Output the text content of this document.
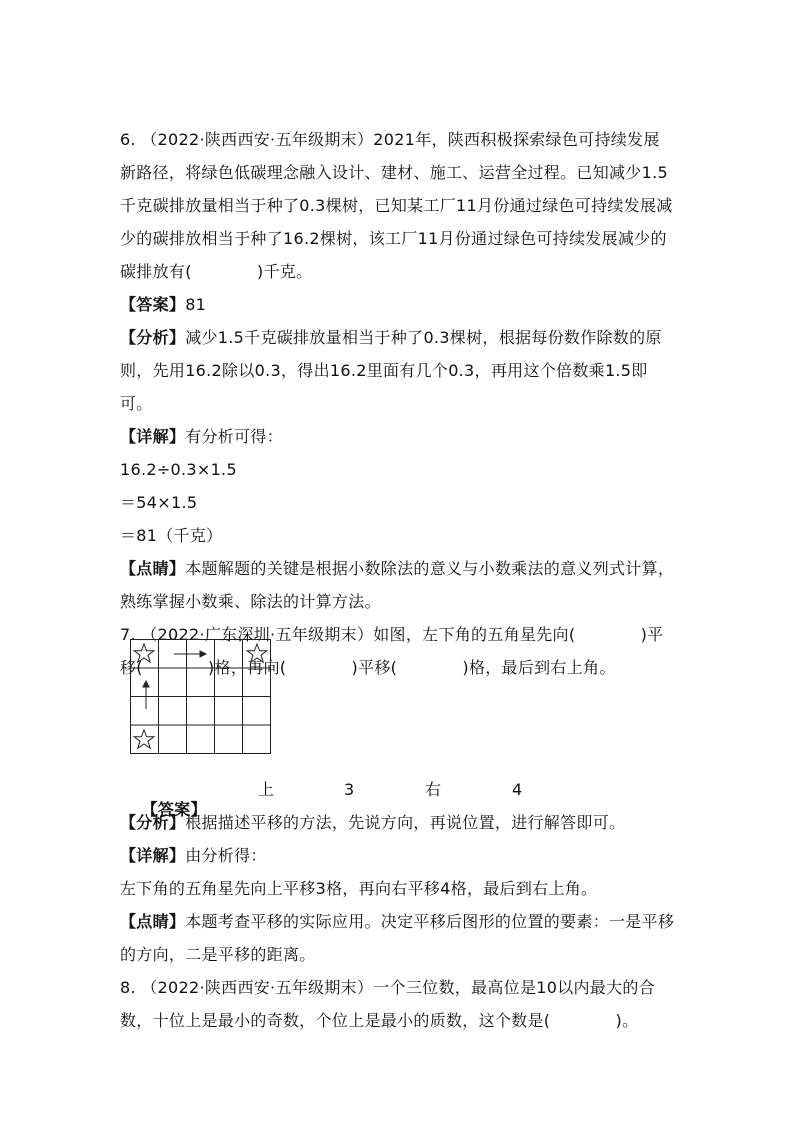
6. （2022·陕西西安·五年级期末）2021年，陕西积极探索绿色可持续发展
新路径，将绿色低碳理念融入设计、建材、施工、运营全过程。已知减少1.5
千克碳排放量相当于种了0.3棵树，已知某工厂11月份通过绿色可持续发展减
少的碳排放相当于种了16.2棵树，该工厂11月份通过绿色可持续发展减少的
碳排放有(　　　　)千克。
【答案】81
【分析】减少1.5千克碳排放量相当于种了0.3棵树，根据每份数作除数的原
则，先用16.2除以0.3，得出16.2里面有几个0.3，再用这个倍数乘1.5即
可。
【详解】有分析可得：
16.2÷0.3×1.5
＝54×1.5
＝81（千克）
【点睛】本题解题的关键是根据小数除法的意义与小数乘法的意义列式计算，
熟练掌握小数乘、除法的计算方法。
7. （2022·广东深圳·五年级期末）如图，左下角的五角星先向(　　　　)平
移(　　　　)格，再向(　　　　)平移(　　　　)格，最后到右上角。

【答案】

上	3	右	4
【分析】根据描述平移的方法，先说方向，再说位置，进行解答即可。
【详解】由分析得：
左下角的五角星先向上平移3格，再向右平移4格，最后到右上角。
【点睛】本题考查平移的实际应用。决定平移后图形的位置的要素：一是平移
的方向，二是平移的距离。
8. （2022·陕西西安·五年级期末）一个三位数，最高位是10以内最大的合
数，十位上是最小的奇数，个位上是最小的质数，这个数是(　　　　)。
